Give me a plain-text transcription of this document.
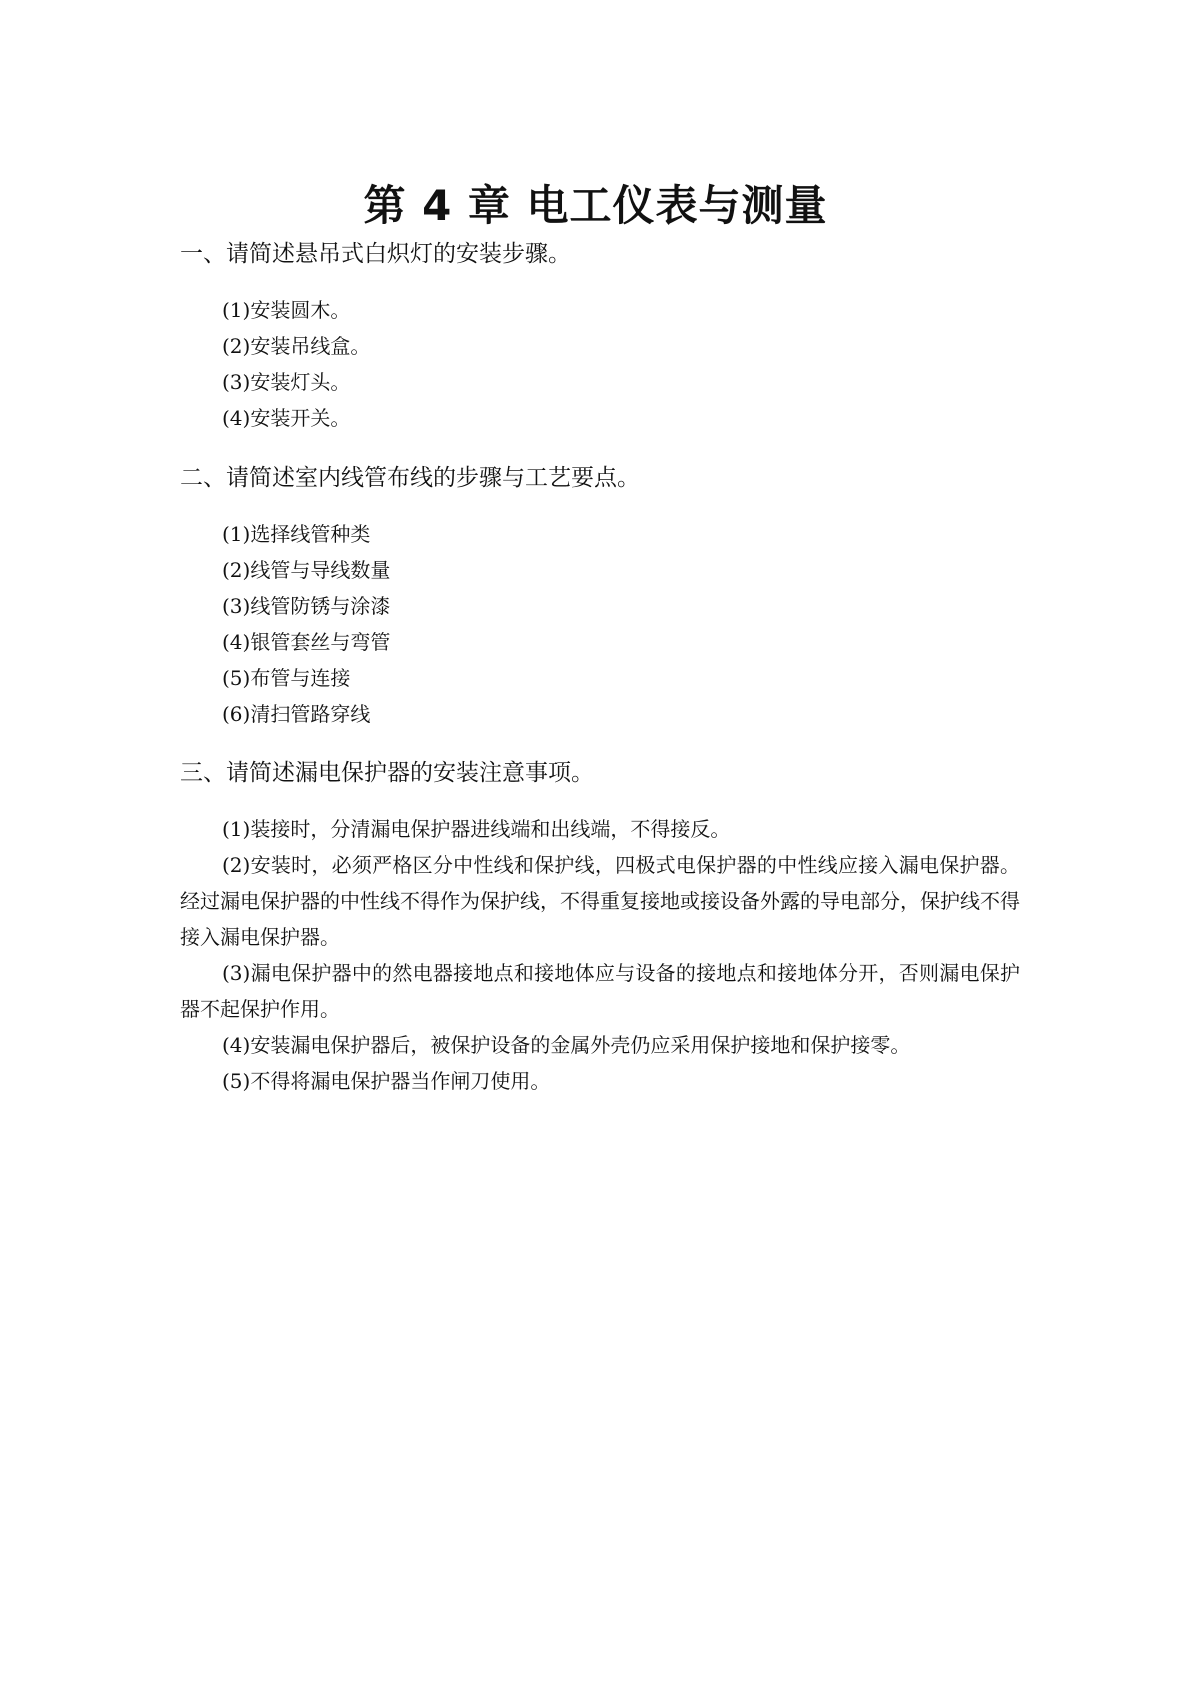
第 4 章 电工仪表与测量
一、请简述悬吊式白炽灯的安装步骤。
(1)安装圆木。
(2)安装吊线盒。
(3)安装灯头。
(4)安装开关。
二、请简述室内线管布线的步骤与工艺要点。
(1)选择线管种类
(2)线管与导线数量
(3)线管防锈与涂漆
(4)银管套丝与弯管
(5)布管与连接
(6)清扫管路穿线
三、请简述漏电保护器的安装注意事项。

(1)装接时，分清漏电保护器进线端和出线端，不得接反。

(2)安装时，必须严格区分中性线和保护线，四极式电保护器的中性线应接入漏电保护器。经过漏电保护器的中性线不得作为保护线，不得重复接地或接设备外露的导电部分，保护线不得接入漏电保护器。

(3)漏电保护器中的然电器接地点和接地体应与设备的接地点和接地体分开，否则漏电保护器不起保护作用。

(4)安装漏电保护器后，被保护设备的金属外壳仍应采用保护接地和保护接零。

(5)不得将漏电保护器当作闸刀使用。
